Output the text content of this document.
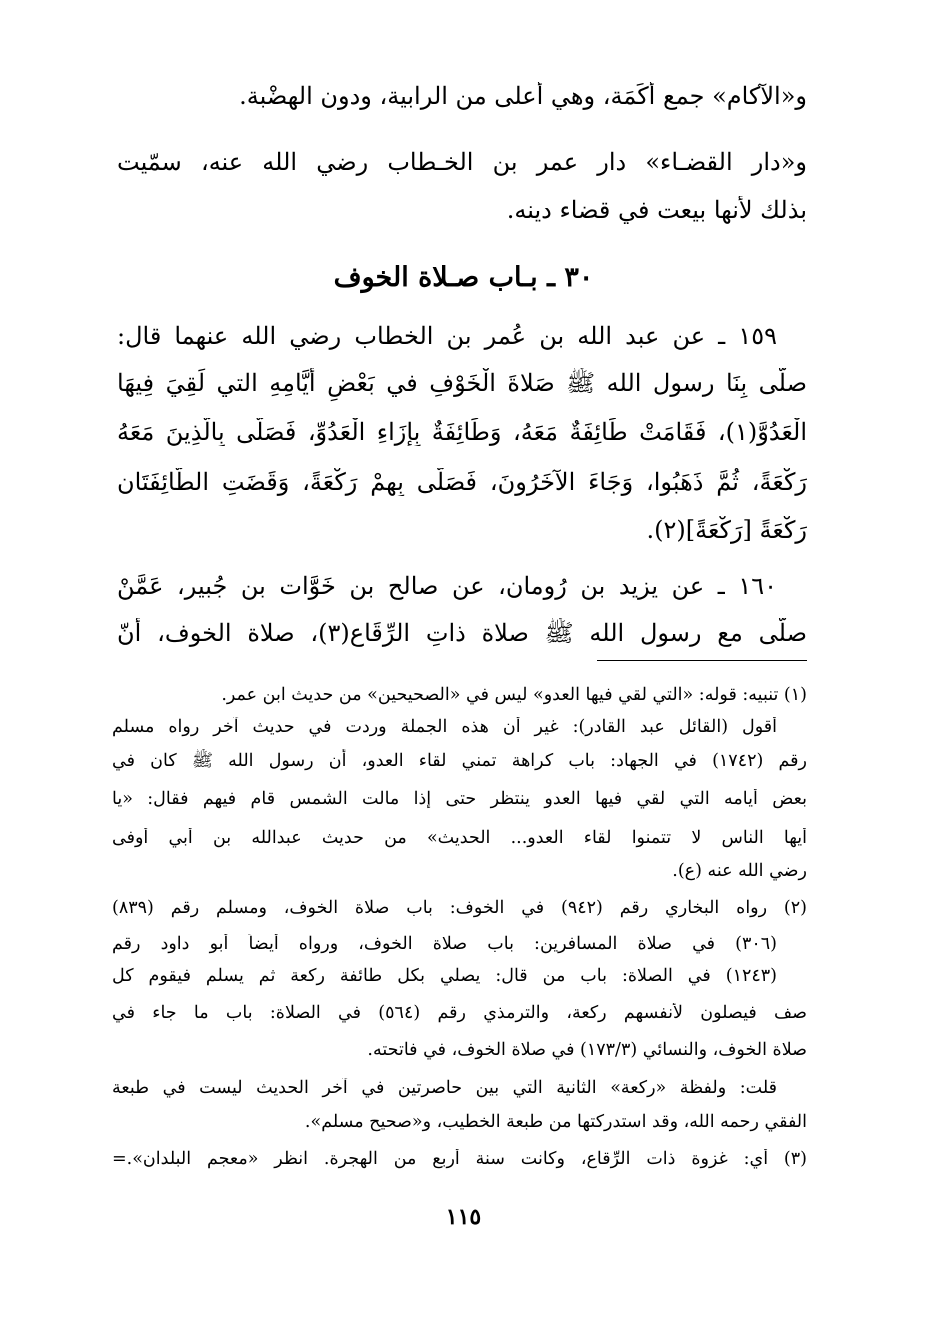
و«الآكام» جمع أَكَمَة، وهي أعلى من الرابية، ودون الهضْبة.
و«دار القضـاء» دار عمر بن الخـطاب رضي الله عنه، سمّيت
بذلك لأنها بيعت في قضاء دينه.
٣٠ ـ بـاب صـلاة الخوف
١٥٩ ـ عن عبد الله بن عُمر بن الخطاب رضي الله عنهما قال:
صلّى بِنَا رسول الله ﷺ صَلاةَ الْخَوْفِ في بَعْضِ أَيَّامِهِ التي لَقِيَ فِيهَا
الْعَدُوَّ(١)، فَقَامَتْ طَائِفَةٌ مَعَهُ، وَطَائِفَةٌ بِإِزَاءِ الْعَدُوِّ، فَصَلَّى بِالَّذِينَ مَعَهُ
رَكْعَةً، ثُمَّ ذَهَبُوا، وَجَاءَ الآخَرُونَ، فَصَلَّى بِهِمْ رَكْعَةً، وَقَضَتِ الطَّائِفَتَانِ
رَكْعَةً [رَكْعَةً](٢).
١٦٠ ـ عن يزيد بن رُومان، عن صالح بن خَوَّات بن جُبير، عَمَّنْ
صلّى مع رسول الله ﷺ صلاة ذاتِ الرِّقَاع(٣)، صلاة الخوف، أنّ
(١) تنبيه: قوله: «التي لقي فيها العدو» ليس في «الصحيحين» من حديث ابن عمر.
أقول (القائل عبد القادر): غير أن هذه الجملة وردت في حديث آخر رواه مسلم
رقم (١٧٤٢) في الجهاد: باب كراهة تمني لقاء العدو، أن رسول الله ﷺ كان في
بعض أيامه التي لقي فيها العدو ينتظر حتى إذا مالت الشمس قام فيهم فقال: «يا
أيها الناس لا تتمنوا لقاء العدو... الحديث» من حديث عبدالله بن أبي أوفى
رضي الله عنه (ع).
(٢) رواه البخاري رقم (٩٤٢) في الخوف: باب صلاة الخوف، ومسلم رقم (٨٣٩)
(٣٠٦) في صلاة المسافرين: باب صلاة الخوف، ورواه أيضاً أبو داود رقم
(١٢٤٣) في الصلاة: باب من قال: يصلي بكل طائفة ركعة ثم يسلم فيقوم كل
صف فيصلون لأنفسهم ركعة، والترمذي رقم (٥٦٤) في الصلاة: باب ما جاء في
صلاة الخوف، والنسائي (١٧٣/٣) في صلاة الخوف، في فاتحته.
قلت: ولفظة «ركعة» الثانية التي بين حاصرتين في آخر الحديث ليست في طبعة
الفقي رحمه الله، وقد استدركتها من طبعة الخطيب، و«صحيح مسلم».
(٣) أي: غزوة ذات الرِّقاع، وكانت سنة أربع من الهجرة. انظر «معجم البلدان».=
١١٥
